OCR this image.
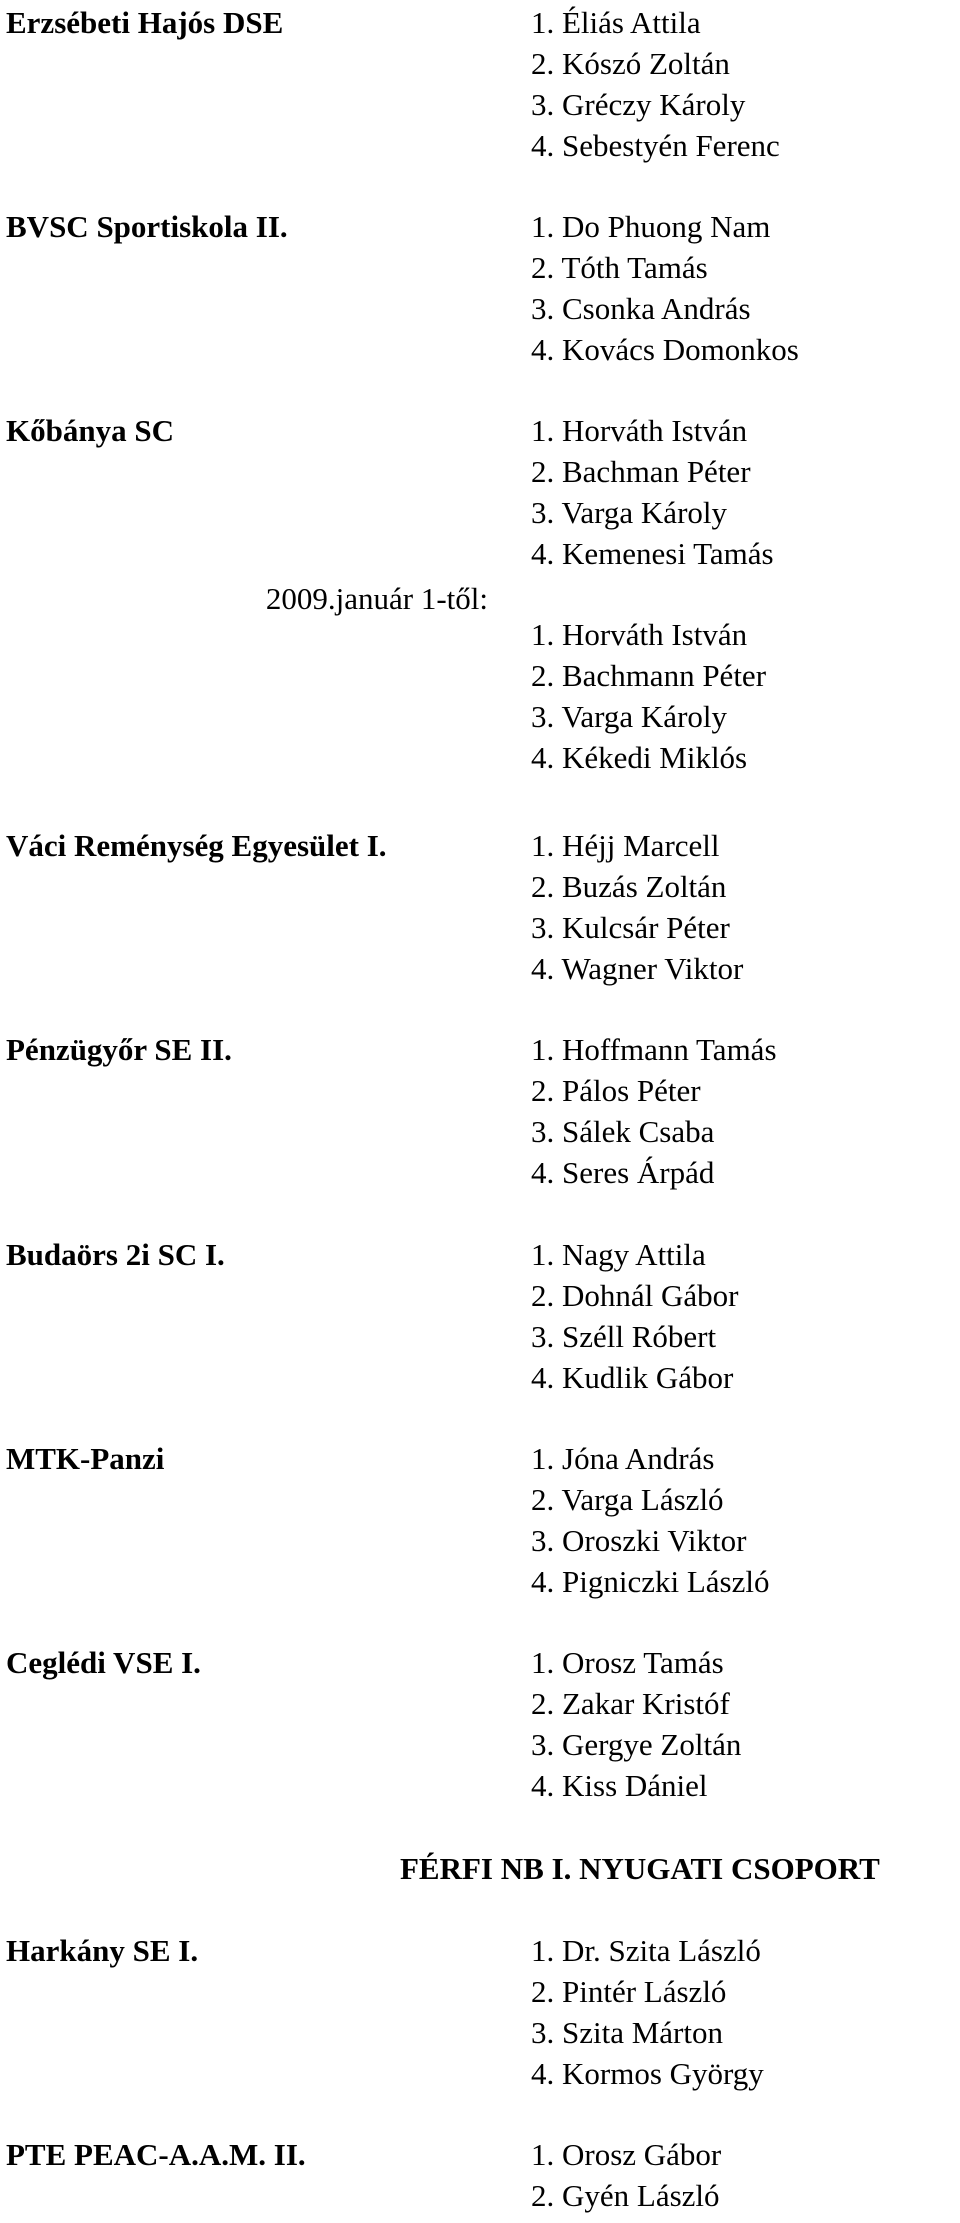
Erzsébeti Hajós DSE	1. Éliás Attila
2. Kószó Zoltán
3. Gréczy Károly
4. Sebestyén Ferenc
BVSC Sportiskola II.	1. Do Phuong Nam
2. Tóth Tamás
3. Csonka András
4. Kovács Domonkos
Kőbánya SC	1. Horváth István
2. Bachman Péter
3. Varga Károly
4. Kemenesi Tamás
2009.január 1-től:
1. Horváth István
2. Bachmann Péter
3. Varga Károly
4. Kékedi Miklós
Váci Reménység Egyesület I.	1. Héjj Marcell
2. Buzás Zoltán
3. Kulcsár Péter
4. Wagner Viktor
Pénzügyőr SE II.	1. Hoffmann Tamás
2. Pálos Péter
3. Sálek Csaba
4. Seres Árpád
Budaörs 2i SC I.	1. Nagy Attila
2. Dohnál Gábor
3. Széll Róbert
4. Kudlik Gábor
MTK-Panzi	1. Jóna András
2. Varga László
3. Oroszki Viktor
4. Pigniczki László
Ceglédi VSE I.	1. Orosz Tamás
2. Zakar Kristóf
3. Gergye Zoltán
4. Kiss Dániel
FÉRFI NB I. NYUGATI CSOPORT
Harkány SE I.	1. Dr. Szita László
2. Pintér László
3. Szita Márton
4. Kormos György
PTE PEAC-A.A.M. II.	1. Orosz Gábor
2. Gyén László
